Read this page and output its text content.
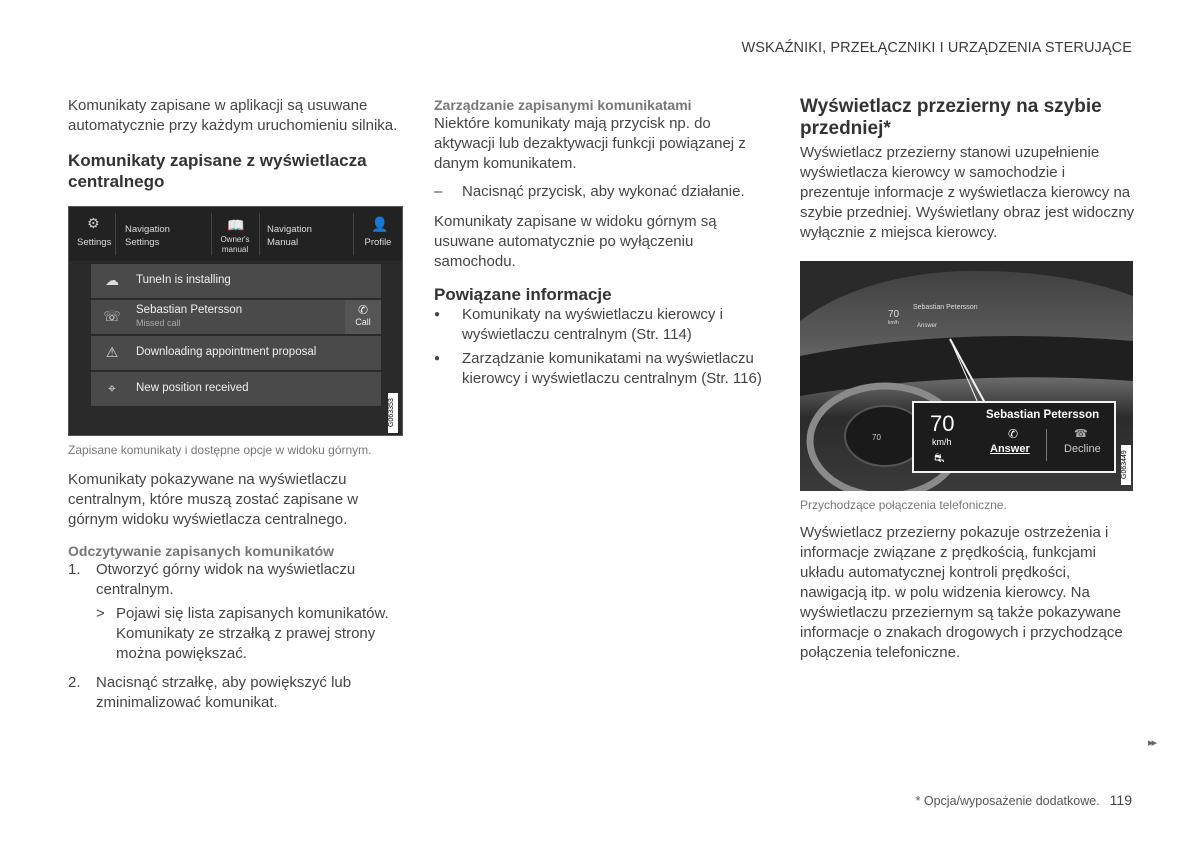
WSKAŹNIKI, PRZEŁĄCZNIKI I URZĄDZENIA STERUJĄCE

Komunikaty zapisane w aplikacji są usuwane automatycznie przy każdym uruchomieniu silnika.

Komunikaty zapisane z wyświetlacza centralnego
⚙
Settings
Navigation
Settings
📖
Owner's
manual
Navigation
Manual
👤
Profile
☁	TuneIn is installing
☏ Sebastian Petersson
Missed call
✆
Call
⚠	Downloading appointment proposal
⌖	New position received
G063353

Zapisane komunikaty i dostępne opcje w widoku górnym.

Komunikaty pokazywane na wyświetlaczu centralnym, które muszą zostać zapisane w górnym widoku wyświetlacza centralnego.

Odczytywanie zapisanych komunikatów
1. Otworzyć górny widok na wyświetlaczu centralnym.
> Pojawi się lista zapisanych komunikatów. Komunikaty ze strzałką z prawej strony można powiększać.
2. Nacisnąć strzałkę, aby powiększyć lub zminimalizować komunikat.
Zarządzanie zapisanymi komunikatami

Niektóre komunikaty mają przycisk np. do aktywacji lub dezaktywacji funkcji powiązanej z danym komunikatem.

– Nacisnąć przycisk, aby wykonać działanie.

Komunikaty zapisane w widoku górnym są usuwane automatycznie po wyłączeniu samochodu.

Powiązane informacje
● Komunikaty na wyświetlaczu kierowcy i wyświetlaczu centralnym (Str. 114)
● Zarządzanie komunikatami na wyświetlaczu kierowcy i wyświetlaczu centralnym (Str. 116)
Wyświetlacz przezierny na szybie przedniej*

Wyświetlacz przezierny stanowi uzupełnienie wyświetlacza kierowcy w samochodzie i prezentuje informacje z wyświetlacza kierowcy na szybie przedniej. Wyświetlany obraz jest widoczny wyłącznie z miejsca kierowcy.

70
km/h
Sebastian Petersson
Answer
70
70
km/h
⛐
Sebastian Petersson
✆
Answer
☎
Decline
G063449

Przychodzące połączenia telefoniczne.

Wyświetlacz przezierny pokazuje ostrzeżenia i informacje związane z prędkością, funkcjami układu automatycznej kontroli prędkości, nawigacją itp. w polu widzenia kierowcy. Na wyświetlaczu przeziernym są także pokazywane informacje o znakach drogowych i przychodzące połączenia telefoniczne.

▸▸
* Opcja/wyposażenie dodatkowe. 119
